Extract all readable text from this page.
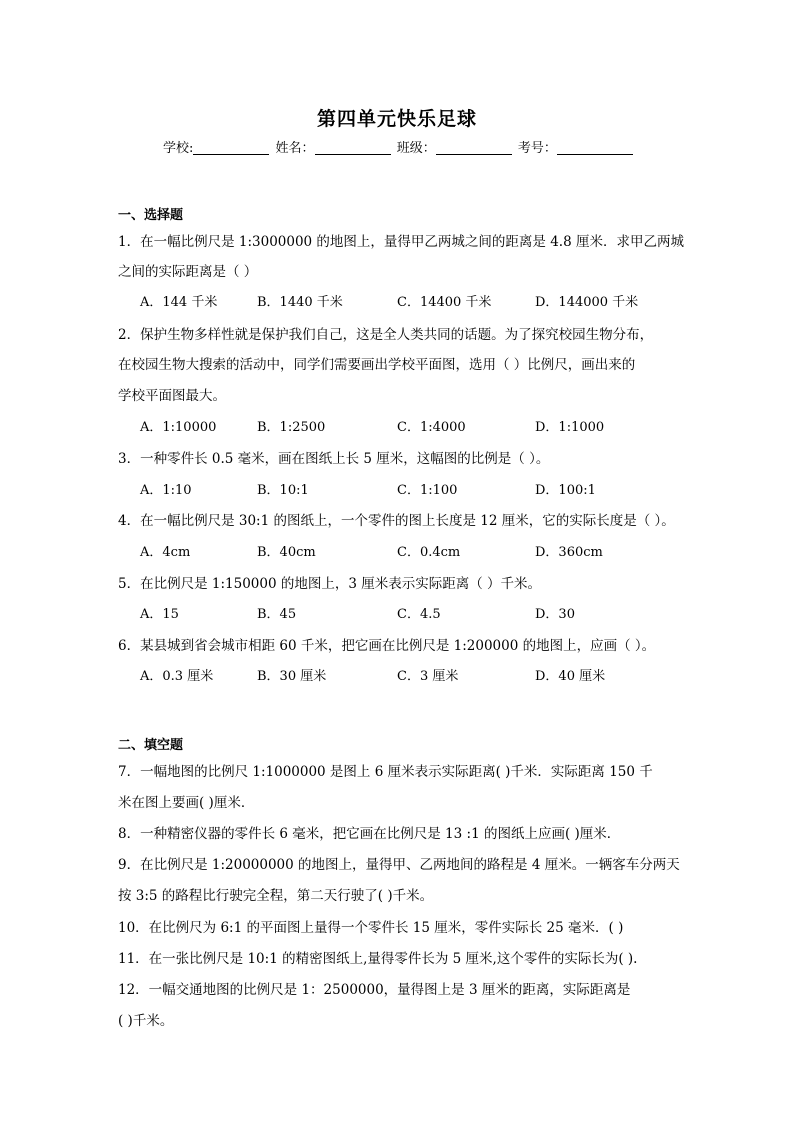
第四单元快乐足球
学校:	姓名：	班级：	考号：
一、选择题
1．在一幅比例尺是 1:3000000 的地图上，量得甲乙两城之间的距离是 4.8 厘米．求甲乙两城
之间的实际距离是（ ）
A．144 千米	B．1440 千米	C．14400 千米	D．144000 千米
2．保护生物多样性就是保护我们自己，这是全人类共同的话题。为了探究校园生物分布，
在校园生物大搜索的活动中，同学们需要画出学校平面图，选用（ ）比例尺，画出来的
学校平面图最大。
A．1:10000	B．1:2500	C．1:4000	D．1:1000
3．一种零件长 0.5 毫米，画在图纸上长 5 厘米，这幅图的比例是（ ）。
A．1:10	B．10:1	C．1:100	D．100:1
4．在一幅比例尺是 30:1 的图纸上，一个零件的图上长度是 12 厘米，它的实际长度是（ ）。
A．4cm	B．40cm	C．0.4cm	D．360cm
5．在比例尺是 1:150000 的地图上，3 厘米表示实际距离（ ）千米。
A．15	B．45	C．4.5	D．30
6．某县城到省会城市相距 60 千米，把它画在比例尺是 1:200000 的地图上，应画（ ）。
A．0.3 厘米	B．30 厘米	C．3 厘米	D．40 厘米
二、填空题
7．一幅地图的比例尺 1:1000000 是图上 6 厘米表示实际距离( )千米．实际距离 150 千
米在图上要画( )厘米．
8．一种精密仪器的零件长 6 毫米，把它画在比例尺是 13 :1 的图纸上应画( )厘米．
9．在比例尺是 1:20000000 的地图上，量得甲、乙两地间的路程是 4 厘米。一辆客车分两天
按 3:5 的路程比行驶完全程，第二天行驶了( )千米。
10．在比例尺为 6:1 的平面图上量得一个零件长 15 厘米，零件实际长 25 毫米．( )
11．在一张比例尺是 10:1 的精密图纸上,量得零件长为 5 厘米,这个零件的实际长为( ).
12．一幅交通地图的比例尺是 1：2500000，量得图上是 3 厘米的距离，实际距离是
( )千米。
